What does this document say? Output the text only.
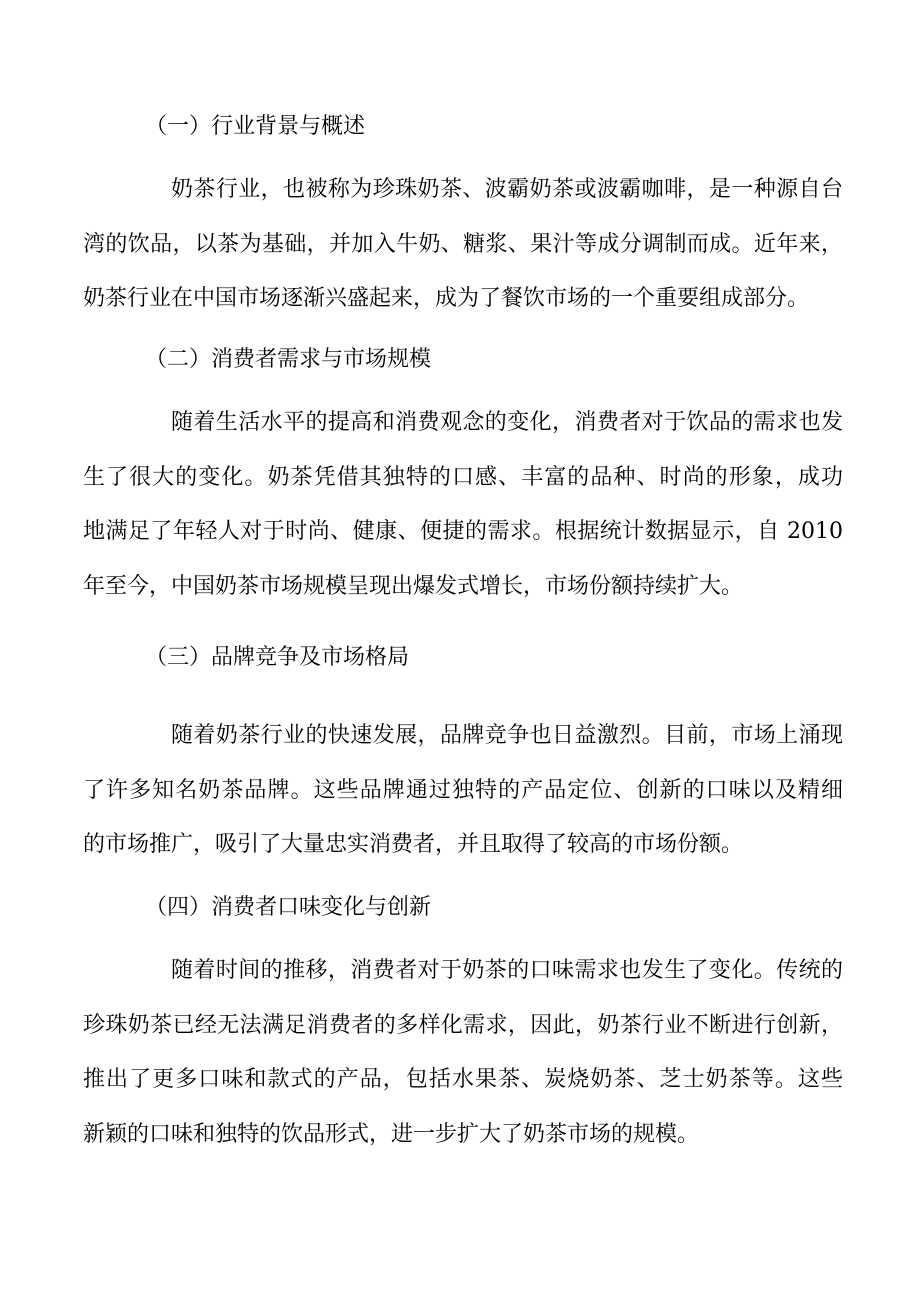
（一）行业背景与概述

奶茶行业，也被称为珍珠奶茶、波霸奶茶或波霸咖啡，是一种源自台
湾的饮品，以茶为基础，并加入牛奶、糖浆、果汁等成分调制而成。近年来，
奶茶行业在中国市场逐渐兴盛起来，成为了餐饮市场的一个重要组成部分。

（二）消费者需求与市场规模

随着生活水平的提高和消费观念的变化，消费者对于饮品的需求也发
生了很大的变化。奶茶凭借其独特的口感、丰富的品种、时尚的形象，成功
地满足了年轻人对于时尚、健康、便捷的需求。根据统计数据显示，自 2010
年至今，中国奶茶市场规模呈现出爆发式增长，市场份额持续扩大。

（三）品牌竞争及市场格局

随着奶茶行业的快速发展，品牌竞争也日益激烈。目前，市场上涌现
了许多知名奶茶品牌。这些品牌通过独特的产品定位、创新的口味以及精细
的市场推广，吸引了大量忠实消费者，并且取得了较高的市场份额。

（四）消费者口味变化与创新

随着时间的推移，消费者对于奶茶的口味需求也发生了变化。传统的
珍珠奶茶已经无法满足消费者的多样化需求，因此，奶茶行业不断进行创新，
推出了更多口味和款式的产品，包括水果茶、炭烧奶茶、芝士奶茶等。这些
新颖的口味和独特的饮品形式，进一步扩大了奶茶市场的规模。
